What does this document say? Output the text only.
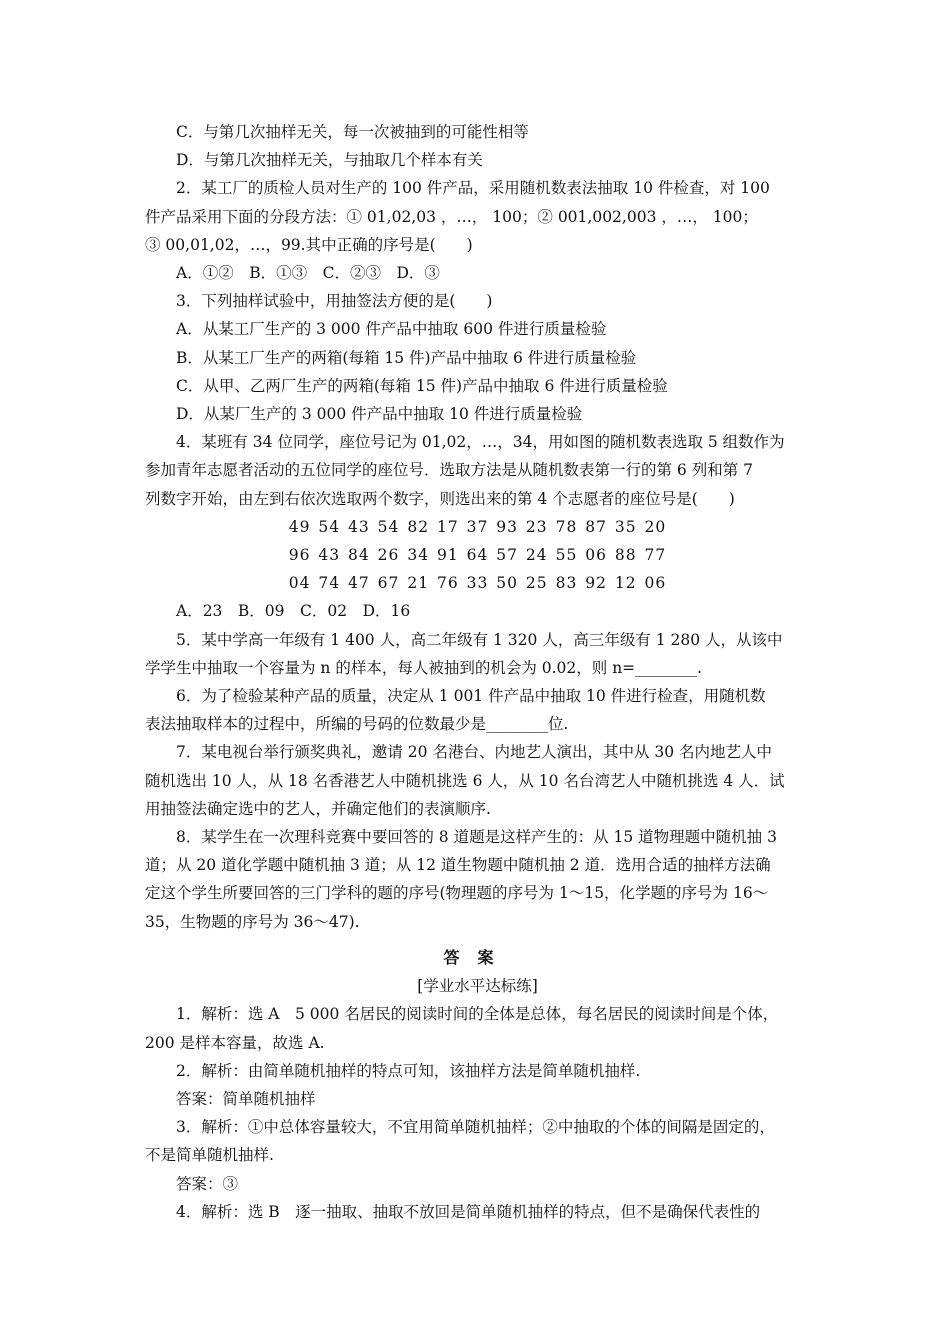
C．与第几次抽样无关，每一次被抽到的可能性相等
D．与第几次抽样无关，与抽取几个样本有关
2．某工厂的质检人员对生产的 100 件产品，采用随机数表法抽取 10 件检查，对 100
件产品采用下面的分段方法：① 01,02,03 ，…， 100；② 001,002,003 ，…， 100；
③ 00,01,02，…，99.其中正确的序号是(　　)
A．①②　B．①③　C．②③　D．③
3．下列抽样试验中，用抽签法方便的是(　　)
A．从某工厂生产的 3 000 件产品中抽取 600 件进行质量检验
B．从某工厂生产的两箱(每箱 15 件)产品中抽取 6 件进行质量检验
C．从甲、乙两厂生产的两箱(每箱 15 件)产品中抽取 6 件进行质量检验
D．从某厂生产的 3 000 件产品中抽取 10 件进行质量检验
4．某班有 34 位同学，座位号记为 01,02，…，34，用如图的随机数表选取 5 组数作为
参加青年志愿者活动的五位同学的座位号．选取方法是从随机数表第一行的第 6 列和第 7
列数字开始，由左到右依次选取两个数字，则选出来的第 4 个志愿者的座位号是(　　)
49 54 43 54 82 17 37 93 23 78 87 35 20
96 43 84 26 34 91 64 57 24 55 06 88 77
04 74 47 67 21 76 33 50 25 83 92 12 06
A．23　B．09　C．02　D．16
5．某中学高一年级有 1 400 人，高二年级有 1 320 人，高三年级有 1 280 人，从该中
学学生中抽取一个容量为 n 的样本，每人被抽到的机会为 0.02，则 n=________.
6．为了检验某种产品的质量，决定从 1 001 件产品中抽取 10 件进行检查，用随机数
表法抽取样本的过程中，所编的号码的位数最少是________位.
7．某电视台举行颁奖典礼，邀请 20 名港台、内地艺人演出，其中从 30 名内地艺人中
随机选出 10 人，从 18 名香港艺人中随机挑选 6 人，从 10 名台湾艺人中随机挑选 4 人．试
用抽签法确定选中的艺人，并确定他们的表演顺序.
8．某学生在一次理科竞赛中要回答的 8 道题是这样产生的：从 15 道物理题中随机抽 3
道；从 20 道化学题中随机抽 3 道；从 12 道生物题中随机抽 2 道．选用合适的抽样方法确
定这个学生所要回答的三门学科的题的序号(物理题的序号为 1～15，化学题的序号为 16～
35，生物题的序号为 36～47).
答案
[学业水平达标练]
1．解析：选 A　5 000 名居民的阅读时间的全体是总体，每名居民的阅读时间是个体，
200 是样本容量，故选 A.
2．解析：由简单随机抽样的特点可知，该抽样方法是简单随机抽样.
答案：简单随机抽样
3．解析：①中总体容量较大，不宜用简单随机抽样；②中抽取的个体的间隔是固定的，
不是简单随机抽样.
答案：③
4．解析：选 B　逐一抽取、抽取不放回是简单随机抽样的特点，但不是确保代表性的
